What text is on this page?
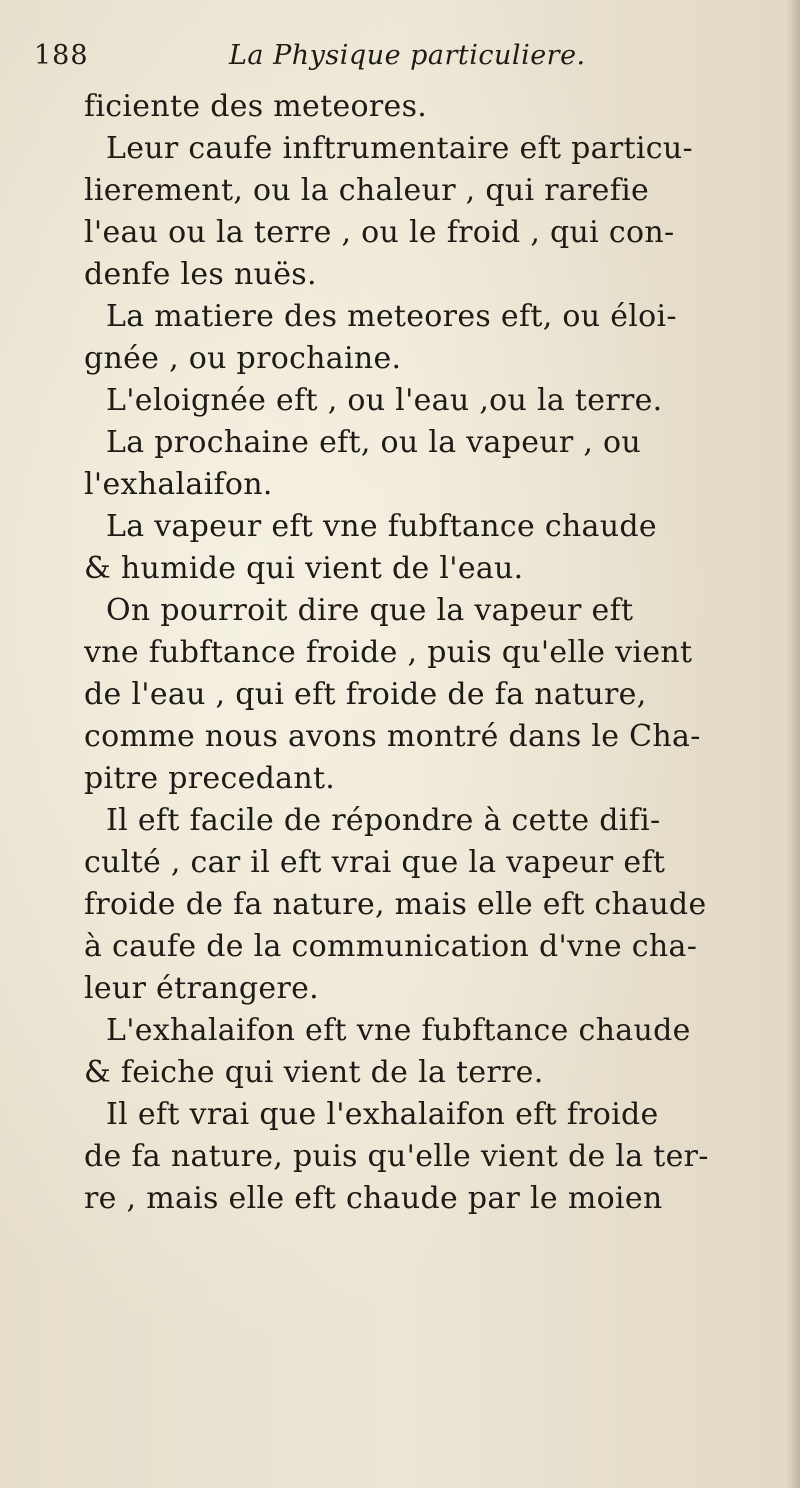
188	La Physique particuliere.
ficiente des meteores.
Leur caufe inftrumentaire eft particu-
lierement, ou la chaleur , qui rarefie
l'eau ou la terre , ou le froid , qui con-
denfe les nuës.
La matiere des meteores eft, ou éloi-
gnée , ou prochaine.
L'eloignée eft , ou l'eau ,ou la terre.
La prochaine eft, ou la vapeur , ou
l'exhalaifon.
La vapeur eft vne fubftance chaude
& humide qui vient de l'eau.
On pourroit dire que la vapeur eft
vne fubftance froide , puis qu'elle vient
de l'eau , qui eft froide de fa nature,
comme nous avons montré dans le Cha-
pitre precedant.
Il eft facile de répondre à cette difi-
culté , car il eft vrai que la vapeur eft
froide de fa nature, mais elle eft chaude
à caufe de la communication d'vne cha-
leur étrangere.
L'exhalaifon eft vne fubftance chaude
& feiche qui vient de la terre.
Il eft vrai que l'exhalaifon eft froide
de fa nature, puis qu'elle vient de la ter-
re , mais elle eft chaude par le moien
